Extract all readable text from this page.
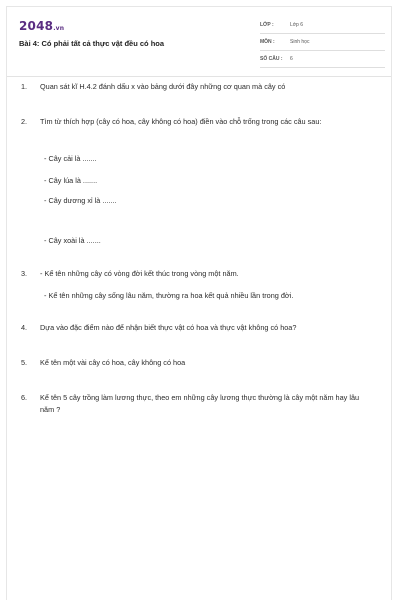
2048.vn
Bài 4: Có phải tất cả thực vật đều có hoa
LỚP :	Lớp 6
MÔN :	Sinh học
SỐ CÂU : 6
1.	Quan sát kĩ H.4.2 đánh dấu x vào bảng dưới đây những cơ quan mà cây có
2.	Tìm từ thích hợp (cây có hoa, cây không có hoa) điền vào chỗ trống trong các câu sau:
- Cây cải là .......
- Cây lúa là .......
- Cây dương xỉ là .......
- Cây xoài là .......
3.	- Kể tên những cây có vòng đời kết thúc trong vòng một năm.
- Kể tên những cây sống lâu năm, thường ra hoa kết quả nhiều lần trong đời.
4.	Dựa vào đặc điểm nào để nhận biết thực vật có hoa và thực vật không có hoa?
5.	Kể tên một vài cây có hoa, cây không có hoa
6.	Kể tên 5 cây trồng làm lương thực, theo em những cây lương thực thường là cây một năm hay lâu năm ?
